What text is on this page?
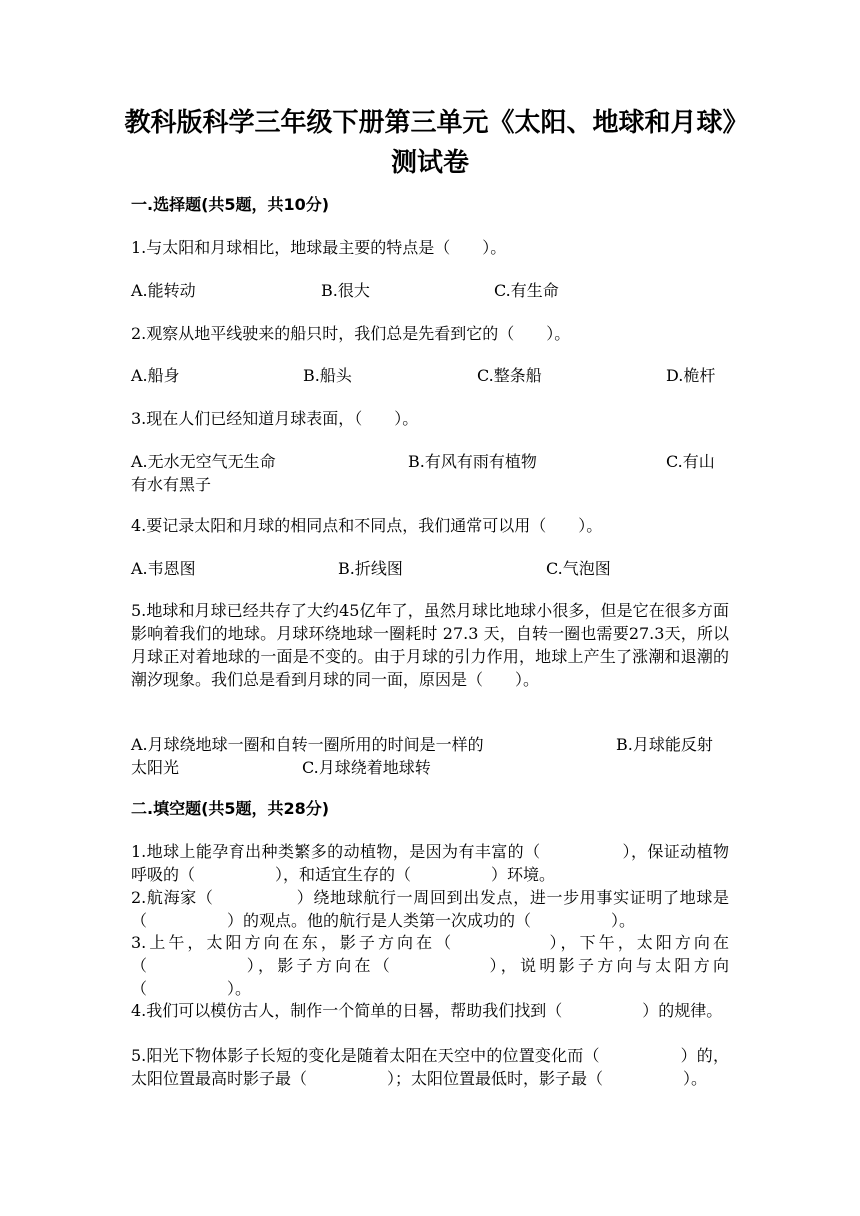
教科版科学三年级下册第三单元《太阳、地球和月球》测试卷
一.选择题(共5题，共10分)
1.与太阳和月球相比，地球最主要的特点是（　　）。
A.能转动	B.很大	C.有生命
2.观察从地平线驶来的船只时，我们总是先看到它的（　　）。
A.船身	B.船头	C.整条船	D.桅杆
3.现在人们已经知道月球表面，（　　）。
A.无水无空气无生命	B.有风有雨有植物	C.有山
有水有黑子
4.要记录太阳和月球的相同点和不同点，我们通常可以用（　　）。
A.韦恩图	B.折线图	C.气泡图
5.地球和月球已经共存了大约45亿年了，虽然月球比地球小很多，但是它在很多方面影响着我们的地球。月球环绕地球一圈耗时 27.3 天，自转一圈也需要27.3天，所以月球正对着地球的一面是不变的。由于月球的引力作用，地球上产生了涨潮和退潮的潮汐现象。我们总是看到月球的同一面，原因是（　　）。
A.月球绕地球一圈和自转一圈所用的时间是一样的	B.月球能反射
太阳光	C.月球绕着地球转
二.填空题(共5题，共28分)
1.地球上能孕育出种类繁多的动植物，是因为有丰富的（　　　　　），保证动植物呼吸的（　　　　　），和适宜生存的（　　　　　）环境。
2.航海家（　　　　　）绕地球航行一周回到出发点，进一步用事实证明了地球是（　　　　　）的观点。他的航行是人类第一次成功的（　　　　　）。
3.上午，太阳方向在东，影子方向在（　　　　　），下午，太阳方向在（　　　　　），影子方向在（　　　　　），说明影子方向与太阳方向（　　　　　）。
4.我们可以模仿古人，制作一个简单的日晷，帮助我们找到（　　　　　）的规律。
5.阳光下物体影子长短的变化是随着太阳在天空中的位置变化而（　　　　　）的，太阳位置最高时影子最（　　　　　）；太阳位置最低时，影子最（　　　　　）。
